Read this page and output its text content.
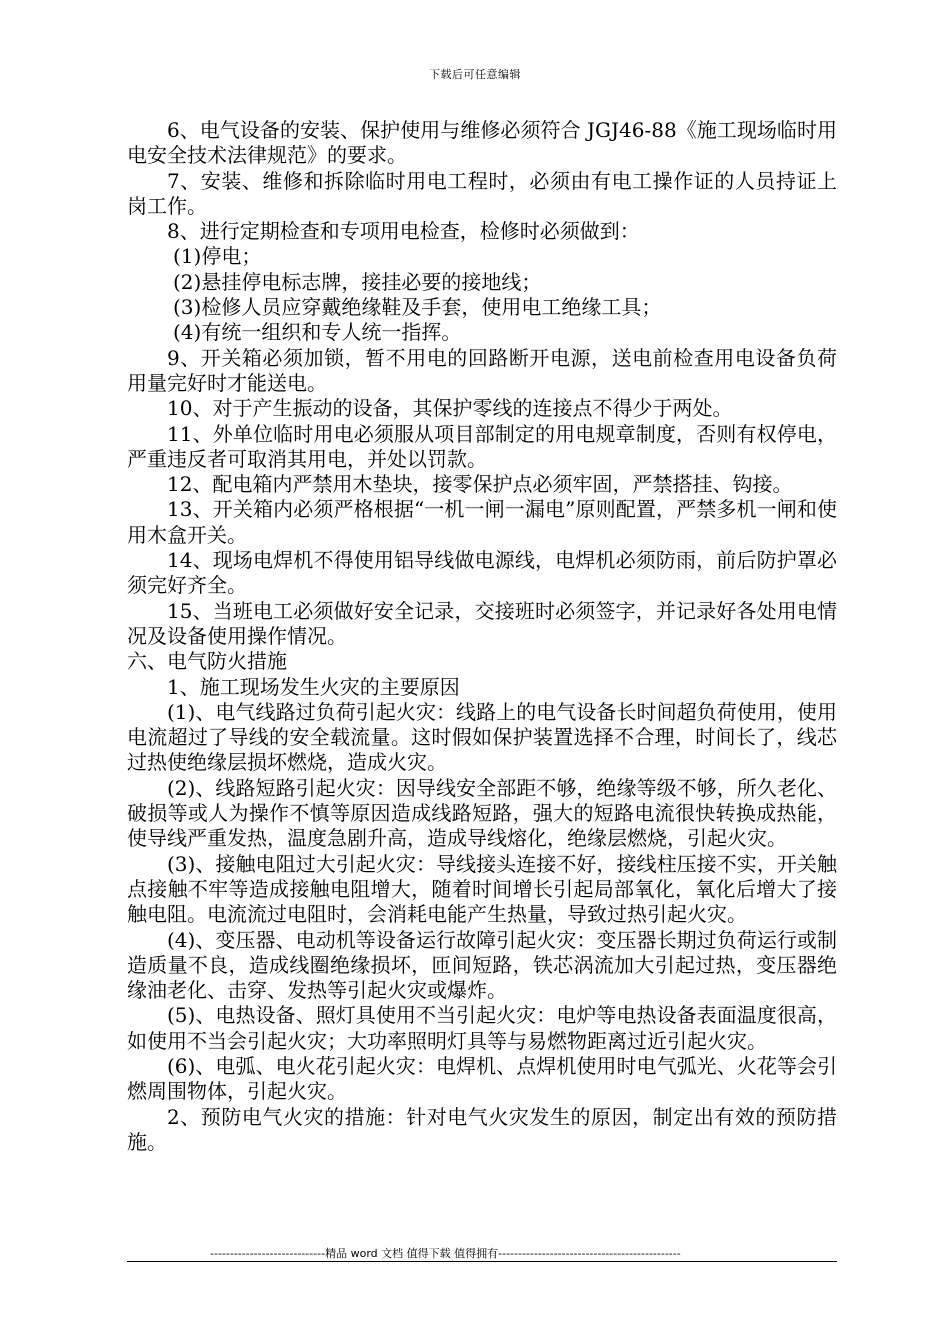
下载后可任意编辑

6、电气设备的安装、保护使用与维修必须符合 JGJ46-88《施工现场临时用电安全技术法律规范》的要求。

7、安装、维修和拆除临时用电工程时，必须由有电工操作证的人员持证上岗工作。

8、进行定期检查和专项用电检查，检修时必须做到：

(1)停电；

(2)悬挂停电标志牌，接挂必要的接地线；

(3)检修人员应穿戴绝缘鞋及手套，使用电工绝缘工具；

(4)有统一组织和专人统一指挥。

9、开关箱必须加锁，暂不用电的回路断开电源，送电前检查用电设备负荷用量完好时才能送电。

10、对于产生振动的设备，其保护零线的连接点不得少于两处。

11、外单位临时用电必须服从项目部制定的用电规章制度，否则有权停电，严重违反者可取消其用电，并处以罚款。

12、配电箱内严禁用木垫块，接零保护点必须牢固，严禁搭挂、钩接。

13、开关箱内必须严格根据“一机一闸一漏电”原则配置，严禁多机一闸和使用木盒开关。

14、现场电焊机不得使用铝导线做电源线，电焊机必须防雨，前后防护罩必须完好齐全。

15、当班电工必须做好安全记录，交接班时必须签字，并记录好各处用电情况及设备使用操作情况。

六、电气防火措施

1、施工现场发生火灾的主要原因

(1)、电气线路过负荷引起火灾：线路上的电气设备长时间超负荷使用，使用电流超过了导线的安全载流量。这时假如保护装置选择不合理，时间长了，线芯过热使绝缘层损坏燃烧，造成火灾。

(2)、线路短路引起火灾：因导线安全部距不够，绝缘等级不够，所久老化、破损等或人为操作不慎等原因造成线路短路，强大的短路电流很快转换成热能，使导线严重发热，温度急剧升高，造成导线熔化，绝缘层燃烧，引起火灾。

(3)、接触电阻过大引起火灾：导线接头连接不好，接线柱压接不实，开关触点接触不牢等造成接触电阻增大，随着时间增长引起局部氧化，氧化后增大了接触电阻。电流流过电阻时，会消耗电能产生热量，导致过热引起火灾。

(4)、变压器、电动机等设备运行故障引起火灾：变压器长期过负荷运行或制造质量不良，造成线圈绝缘损坏，匝间短路，铁芯涡流加大引起过热，变压器绝缘油老化、击穿、发热等引起火灾或爆炸。

(5)、电热设备、照灯具使用不当引起火灾：电炉等电热设备表面温度很高，如使用不当会引起火灾；大功率照明灯具等与易燃物距离过近引起火灾。

(6)、电弧、电火花引起火灾：电焊机、点焊机使用时电气弧光、火花等会引燃周围物体，引起火灾。

2、预防电气火灾的措施：针对电气火灾发生的原因，制定出有效的预防措施。

-----------------------------精品 word 文档 值得下载 值得拥有----------------------------------------------
